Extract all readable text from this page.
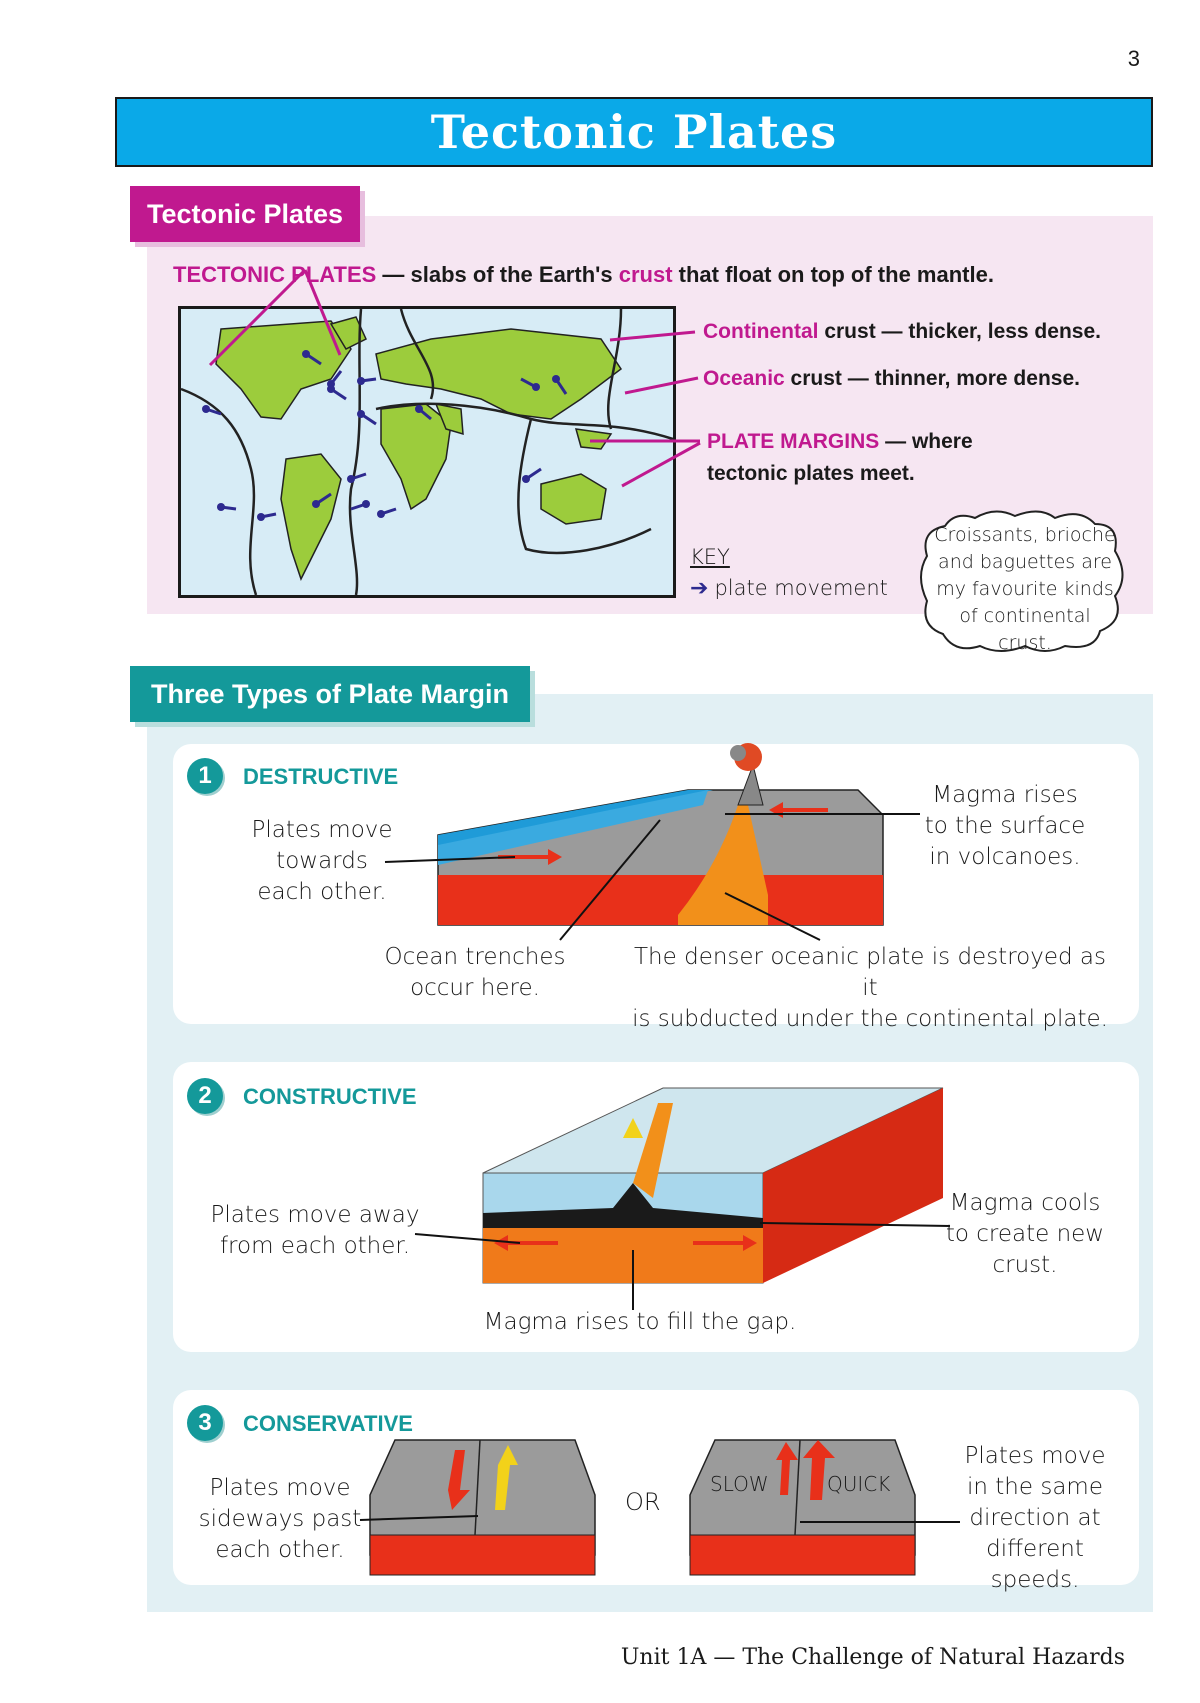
3
Tectonic Plates
Tectonic Plates
TECTONIC PLATES — slabs of the Earth's crust that float on top of the mantle.
Continental crust — thicker, less dense.
Oceanic crust — thinner, more dense.
PLATE MARGINS — where
tectonic plates meet.
KEY
➔ plate movement
Croissants, brioche
and baguettes are
my favourite kinds
of continental crust.
Three Types of Plate Margin
1	DESTRUCTIVE
Plates move
towards
each other.
Magma rises
to the surface
in volcanoes.
Ocean trenches
occur here.
The denser oceanic plate is destroyed as it
is subducted under the continental plate.
2	CONSTRUCTIVE
Plates move away
from each other.
Magma cools
to create new
crust.
Magma rises to fill the gap.
3	CONSERVATIVE
OR
SLOW	QUICK
Plates move
sideways past
each other.
Plates move
in the same
direction at
different speeds.
Unit 1A — The Challenge of Natural Hazards
